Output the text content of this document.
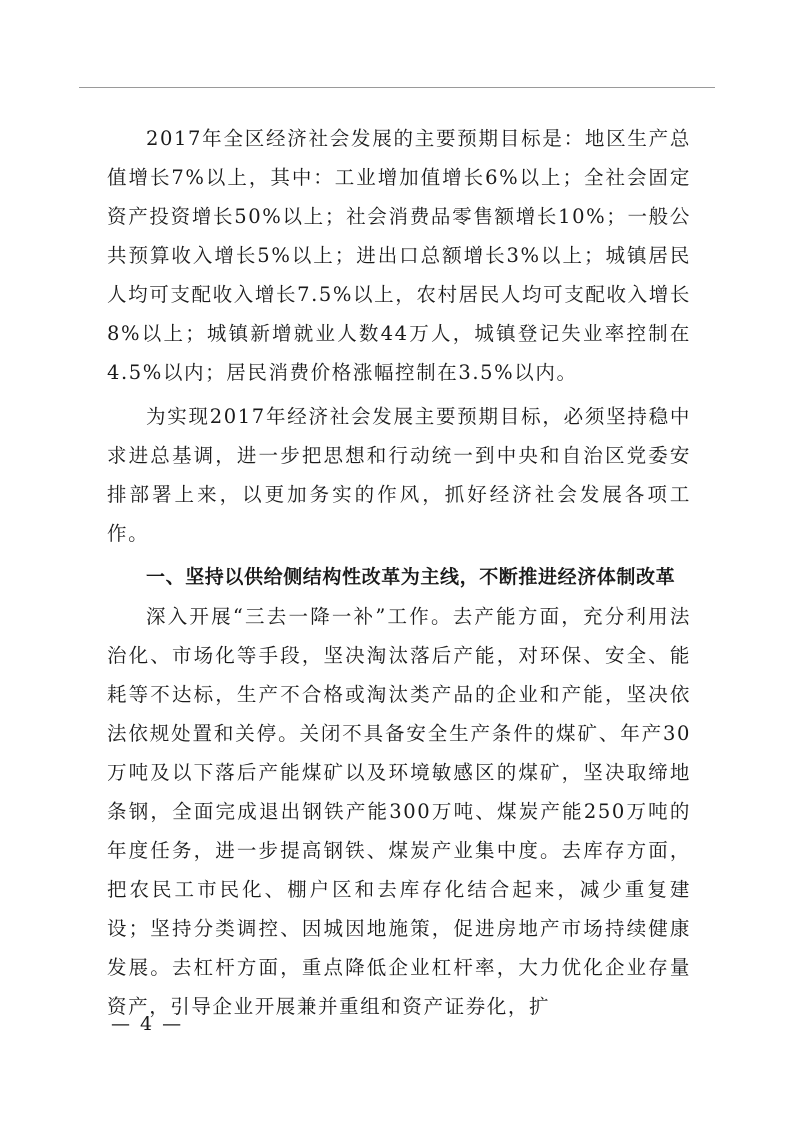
2017年全区经济社会发展的主要预期目标是：地区生产总值增长7%以上，其中：工业增加值增长6%以上；全社会固定资产投资增长50%以上；社会消费品零售额增长10%；一般公共预算收入增长5%以上；进出口总额增长3%以上；城镇居民人均可支配收入增长7.5%以上，农村居民人均可支配收入增长8%以上；城镇新增就业人数44万人，城镇登记失业率控制在4.5%以内；居民消费价格涨幅控制在3.5%以内。

为实现2017年经济社会发展主要预期目标，必须坚持稳中求进总基调，进一步把思想和行动统一到中央和自治区党委安排部署上来，以更加务实的作风，抓好经济社会发展各项工作。

一、坚持以供给侧结构性改革为主线，不断推进经济体制改革

深入开展“三去一降一补”工作。去产能方面，充分利用法治化、市场化等手段，坚决淘汰落后产能，对环保、安全、能耗等不达标，生产不合格或淘汰类产品的企业和产能，坚决依法依规处置和关停。关闭不具备安全生产条件的煤矿、年产30万吨及以下落后产能煤矿以及环境敏感区的煤矿，坚决取缔地条钢，全面完成退出钢铁产能300万吨、煤炭产能250万吨的年度任务，进一步提高钢铁、煤炭产业集中度。去库存方面，把农民工市民化、棚户区和去库存化结合起来，减少重复建设；坚持分类调控、因城因地施策，促进房地产市场持续健康发展。去杠杆方面，重点降低企业杠杆率，大力优化企业存量资产，引导企业开展兼并重组和资产证券化，扩

— 4 —
